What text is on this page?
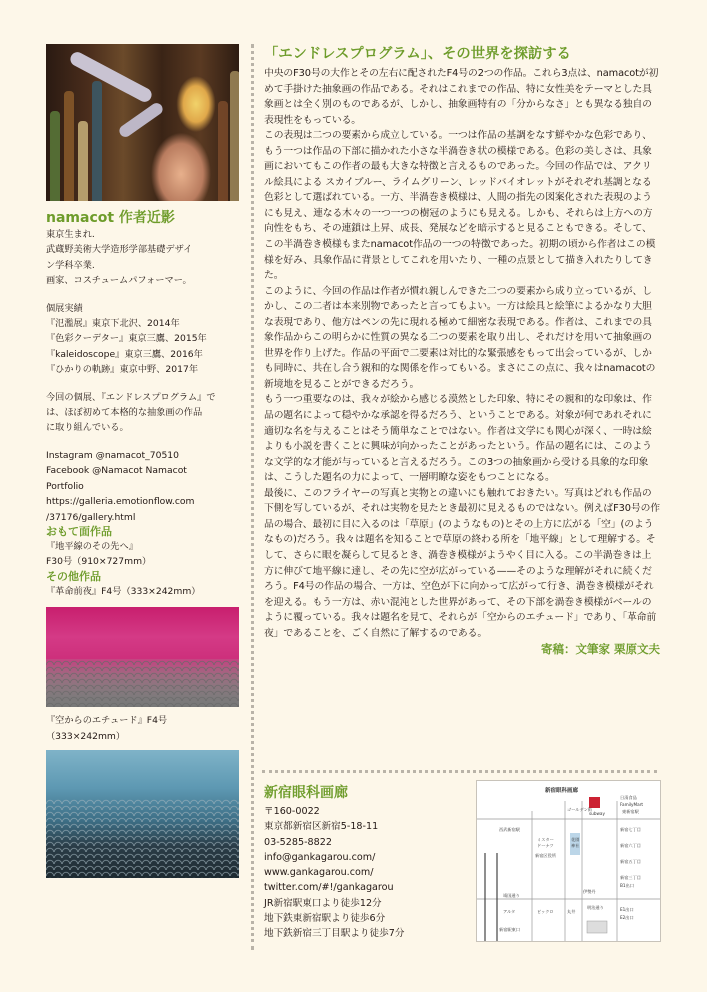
namacot 作者近影

東京生まれ.

武蔵野美術大学造形学部基礎デザイ

ン学科卒業.

画家、コスチュームパフォーマー。

個展実績

『氾濫展』東京下北沢、2014年

『色彩クーデター』東京三鷹、2015年

『kaleidoscope』東京三鷹、2016年

『ひかりの軌跡』東京中野、2017年

今回の個展、『エンドレスプログラム』で

は、ほぼ初めて本格的な抽象画の作品

に取り組んでいる。

Instagram @namacot_70510

Facebook @Namacot Namacot

Portfolio

https://galleria.emotionflow.com

/37176/gallery.html

おもて面作品

『地平線のその先へ』

F30号（910×727mm）

その他作品

『革命前夜』F4号（333×242mm）

『空からのエチュード』F4号

（333×242mm）

「エンドレスプログラム」、その世界を探訪する

中央のF30号の大作とその左右に配されたF4号の2つの作品。これら3点は、namacotが初めて手掛けた抽象画の作品である。それはこれまでの作品、特に女性美をテーマとした具象画とは全く別のものであるが、しかし、抽象画特有の「分からなさ」とも異なる独自の表現性をもっている。

この表現は二つの要素から成立している。一つは作品の基調をなす鮮やかな色彩であり、もう一つは作品の下部に描かれた小さな半渦巻き状の模様である。色彩の美しさは、具象画においてもこの作者の最も大きな特徴と言えるものであった。今回の作品では、アクリル絵具による スカイブルー、ライムグリーン、レッドバイオレットがそれぞれ基調となる色彩として選ばれている。一方、半渦巻き模様は、人間の指先の図案化された表現のようにも見え、連なる木々の一つ一つの樹冠のようにも見える。しかも、それらは上方への方向性をもち、その連鎖は上昇、成長、発展などを暗示すると見ることもできる。そして、この半渦巻き模様もまたnamacot作品の一つの特徴であった。初期の頃から作者はこの模様を好み、具象作品に背景としてこれを用いたり、一種の点景として描き入れたりしてきた。

このように、今回の作品は作者が慣れ親しんできた二つの要素から成り立っているが、しかし、この二者は本来別物であったと言ってもよい。一方は絵具と絵筆によるかなり大胆な表現であり、他方はペンの先に現れる極めて細密な表現である。作者は、これまでの具象作品からこの明らかに性質の異なる二つの要素を取り出し、それだけを用いて抽象画の世界を作り上げた。作品の平面で二要素は対比的な緊張感をもって出会っているが、しかも同時に、共在し合う親和的な関係を作ってもいる。まさにこの点に、我々はnamacotの新境地を見ることができるだろう。

もう一つ重要なのは、我々が絵から感じる漠然とした印象、特にその親和的な印象は、作品の題名によって穏やかな承認を得るだろう、ということである。対象が何であれそれに適切な名を与えることはそう簡単なことではない。作者は文学にも関心が深く、一時は絵よりも小説を書くことに興味が向かったことがあったという。作品の題名には、このような文学的な才能が与っていると言えるだろう。この3つの抽象画から受ける具象的な印象は、こうした題名の力によって、一層明瞭な姿をもつことになる。

最後に、このフライヤーの写真と実物との違いにも触れておきたい。写真はどれも作品の下側を写しているが、それは実物を見たとき最初に見えるものではない。例えばF30号の作品の場合、最初に目に入るのは「草原」(のようなもの)とその上方に広がる「空」(のようなもの)だろう。我々は題名を知ることで草原の終わる所を「地平線」として理解する。そして、さらに眼を凝らして見るとき、渦巻き模様がようやく目に入る。この半渦巻きは上方に伸びて地平線に達し、その先に空が広がっている——そのような理解がそれに続くだろう。F4号の作品の場合、一方は、空色が下に向かって広がって行き、渦巻き模様がそれを迎える。もう一方は、赤い混沌とした世界があって、その下部を渦巻き模様がベールのように覆っている。我々は題名を見て、それらが「空からのエチュード」であり、「革命前夜」であることを、ごく自然に了解するのである。

寄稿：文筆家 栗原文夫
新宿眼科画廊
〒160-0022
東京都新宿区新宿5-18-11
03-5285-8822
info@gankagarou.com/
www.gankagarou.com/
twitter.com/#!/gankagarou
JR新宿駅東口より徒歩12分
地下鉄東新宿駅より徒歩6分
地下鉄新宿三丁目駅より徒歩7分
新宿眼科画廊
日清食品
FamilyMart
subway
新宿七丁目
新宿六丁目
新宿五丁目
ミスター
ドーナツ
花園
神社
新宿区役所
西武新宿駅
新宿三丁目
伊勢丹
靖国通り
ゴールデン街
B1出口
E1出口
E2出口
アルタ	ビックロ	丸井
明治通り
東新宿駅
新宿駅東口
